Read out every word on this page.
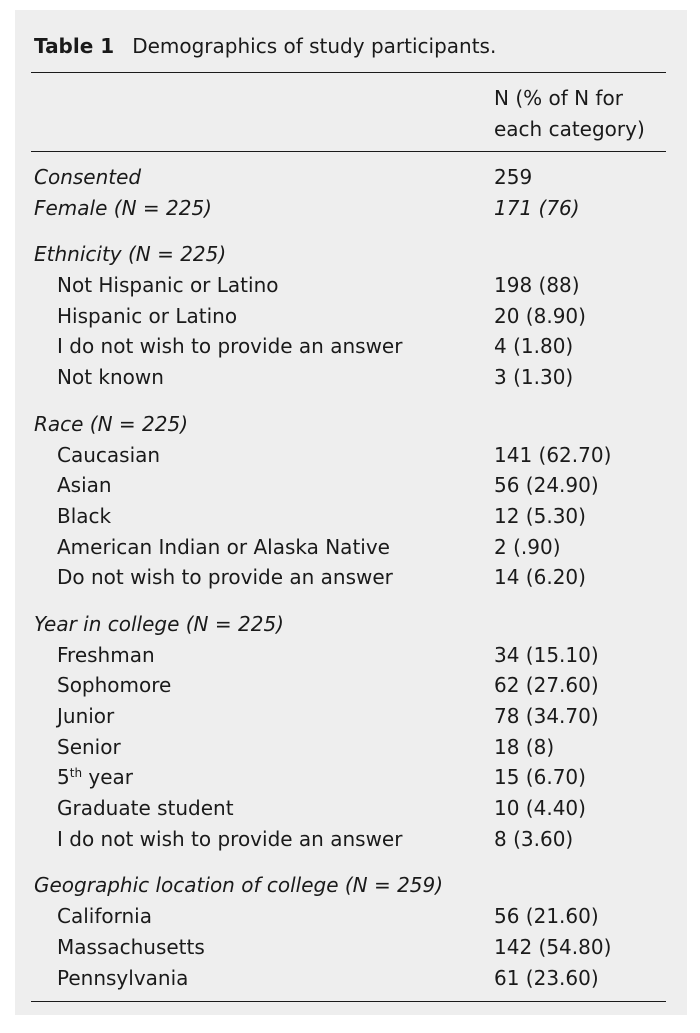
Table 1 Demographics of study participants.
N (% of N for
each category)
Consented	259
Female (N = 225)	171 (76)
Ethnicity (N = 225)
Not Hispanic or Latino	198 (88)
Hispanic or Latino	20 (8.90)
I do not wish to provide an answer	4 (1.80)
Not known	3 (1.30)
Race (N = 225)
Caucasian	141 (62.70)
Asian	56 (24.90)
Black	12 (5.30)
American Indian or Alaska Native	2 (.90)
Do not wish to provide an answer	14 (6.20)
Year in college (N = 225)
Freshman	34 (15.10)
Sophomore	62 (27.60)
Junior	78 (34.70)
Senior	18 (8)
5th year	15 (6.70)
Graduate student	10 (4.40)
I do not wish to provide an answer	8 (3.60)
Geographic location of college (N = 259)
California	56 (21.60)
Massachusetts	142 (54.80)
Pennsylvania	61 (23.60)
